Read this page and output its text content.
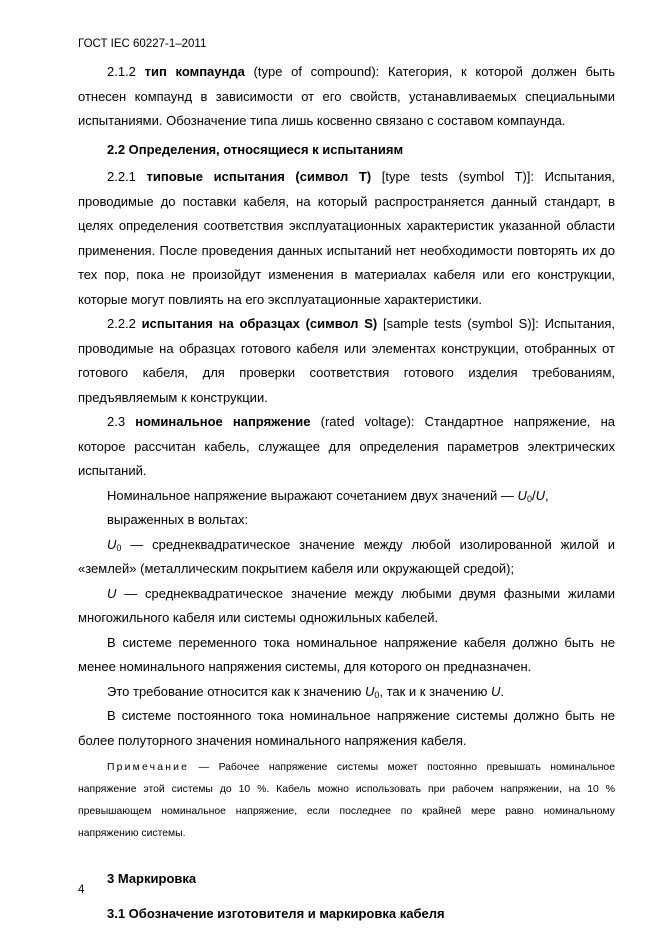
ГОСТ IEC 60227-1–2011

2.1.2 тип компаунда (type of compound): Категория, к которой должен быть отнесен компаунд в зависимости от его свойств, устанавливаемых специальными испытаниями. Обозначение типа лишь косвенно связано с составом компаунда.

2.2 Определения, относящиеся к испытаниям

2.2.1 типовые испытания (символ T) [type tests (symbol T)]: Испытания, проводимые до поставки кабеля, на который распространяется данный стандарт, в целях определения соответствия эксплуатационных характеристик указанной области применения. После проведения данных испытаний нет необходимости повторять их до тех пор, пока не произойдут изменения в материалах кабеля или его конструкции, которые могут повлиять на его эксплуатационные характеристики.

2.2.2 испытания на образцах (символ S) [sample tests (symbol S)]: Испытания, проводимые на образцах готового кабеля или элементах конструкции, отобранных от готового кабеля, для проверки соответствия готового изделия требованиям, предъявляемым к конструкции.

2.3 номинальное напряжение (rated voltage): Стандартное напряжение, на которое рассчитан кабель, служащее для определения параметров электрических испытаний.

Номинальное напряжение выражают сочетанием двух значений — $U_0/U$,

выраженных в вольтах:

$U_0$ — среднеквадратическое значение между любой изолированной жилой и «землей» (металлическим покрытием кабеля или окружающей средой);

U — среднеквадратическое значение между любыми двумя фазными жилами многожильного кабеля или системы одножильных кабелей.

В системе переменного тока номинальное напряжение кабеля должно быть не менее номинального напряжения системы, для которого он предназначен.

Это требование относится как к значению $U_0$, так и к значению U.

В системе постоянного тока номинальное напряжение системы должно быть не более полуторного значения номинального напряжения кабеля.

Примечание — Рабочее напряжение системы может постоянно превышать номинальное напряжение этой системы до 10 %. Кабель можно использовать при рабочем напряжении, на 10 % превышающем номинальное напряжение, если последнее по крайней мере равно номинальному напряжению системы.

3 Маркировка

3.1 Обозначение изготовителя и маркировка кабеля

4
